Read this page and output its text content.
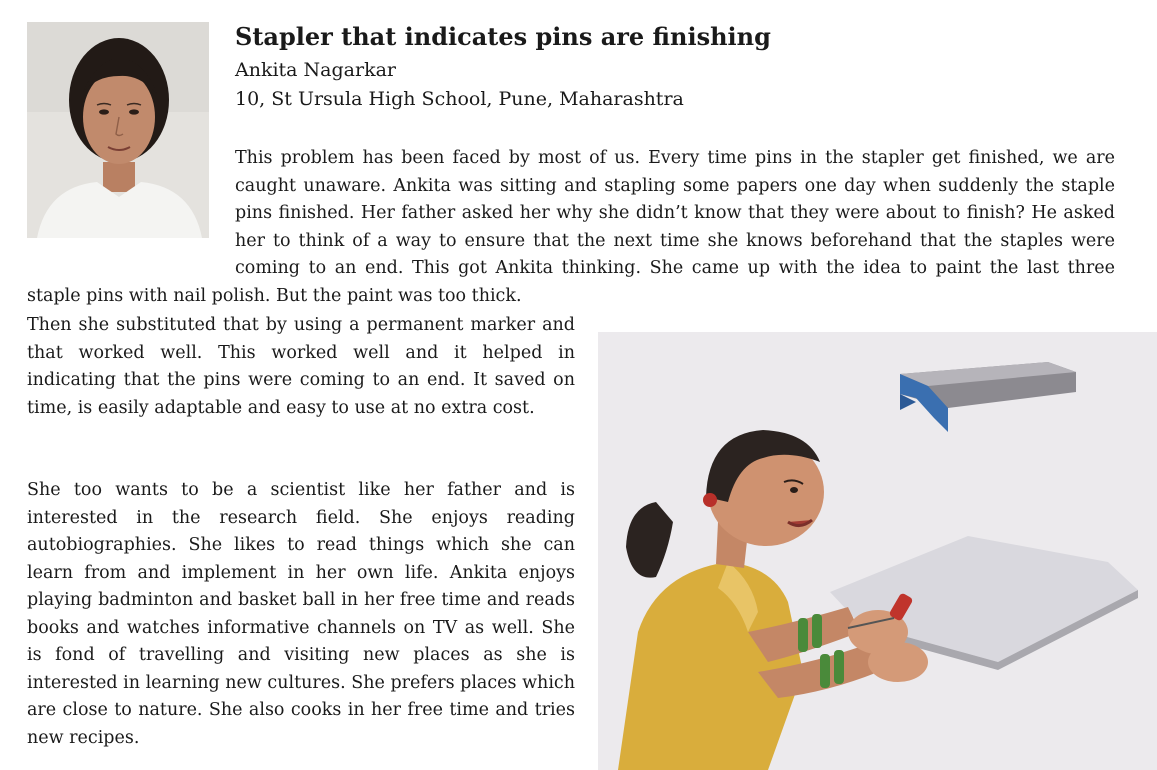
Stapler that indicates pins are finishing

Ankita Nagarkar

10, St Ursula High School, Pune, Maharashtra

This problem has been faced by most of us. Every time pins in the stapler get finished, we are caught unaware. Ankita was sitting and stapling some papers one day when suddenly the staple pins finished. Her father asked her why she didn’t know that they were about to finish? He asked her to think of a way to ensure that the next time she knows beforehand that the staples were coming to an end. This got Ankita thinking. She came up with the idea to paint the last three staple pins with nail polish. But the paint was too thick.

Then she substituted that by using a permanent marker and that worked well. This worked well and it helped in indicating that the pins were coming to an end. It saved on time, is easily adaptable and easy to use at no extra cost.

She too wants to be a scientist like her father and is interested in the research field. She enjoys reading autobiographies. She likes to read things which she can learn from and implement in her own life. Ankita enjoys playing badminton and basket ball in her free time and reads books and watches informative channels on TV as well. She is fond of travelling and visiting new places as she is interested in learning new cultures. She prefers places which are close to nature. She also cooks in her free time and tries new recipes.
